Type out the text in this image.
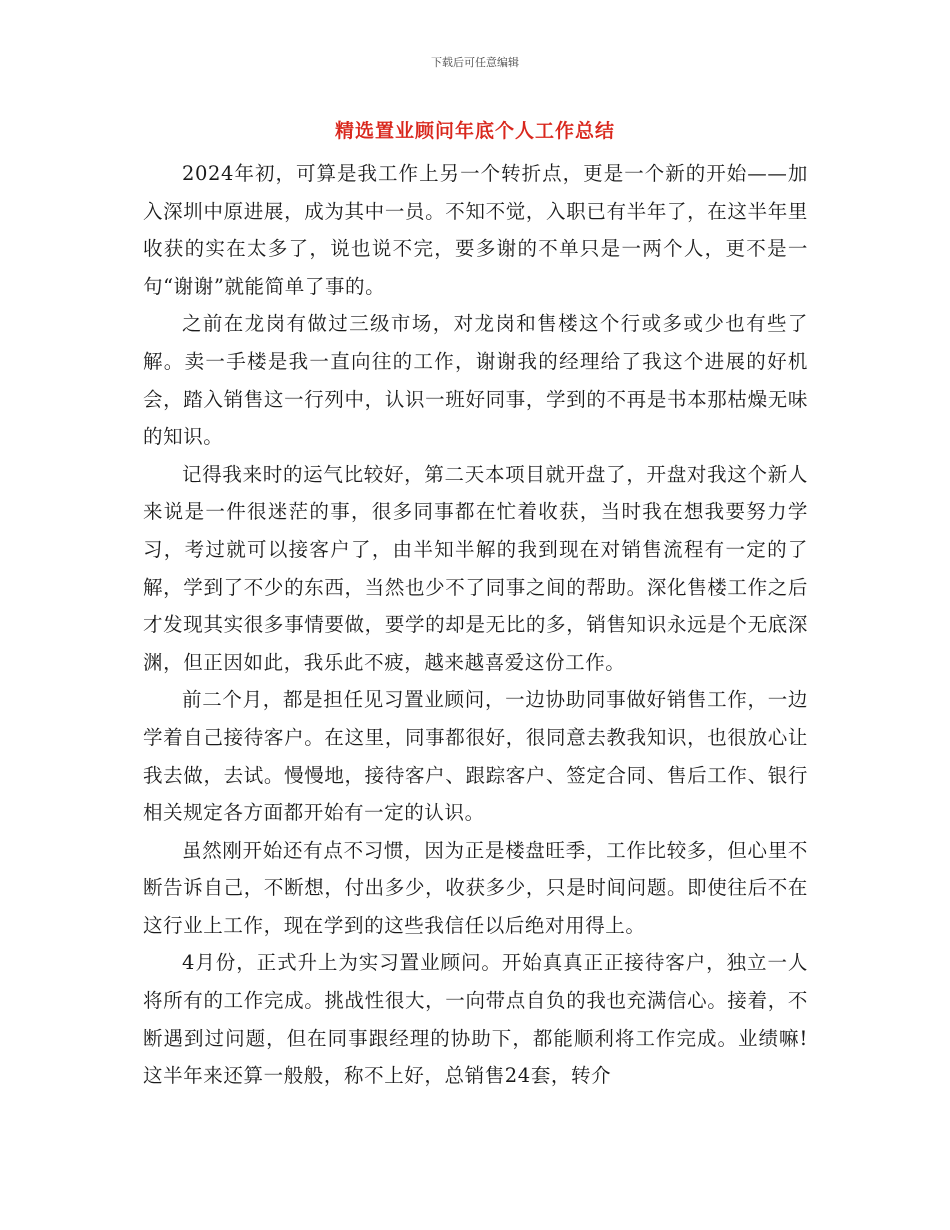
下载后可任意编辑
精选置业顾问年底个人工作总结

2024年初，可算是我工作上另一个转折点，更是一个新的开始——加入深圳中原进展，成为其中一员。不知不觉，入职已有半年了，在这半年里收获的实在太多了，说也说不完，要多谢的不单只是一两个人，更不是一句“谢谢”就能简单了事的。

之前在龙岗有做过三级市场，对龙岗和售楼这个行或多或少也有些了解。卖一手楼是我一直向往的工作，谢谢我的经理给了我这个进展的好机会，踏入销售这一行列中，认识一班好同事，学到的不再是书本那枯燥无味的知识。

记得我来时的运气比较好，第二天本项目就开盘了，开盘对我这个新人来说是一件很迷茫的事，很多同事都在忙着收获，当时我在想我要努力学习，考过就可以接客户了，由半知半解的我到现在对销售流程有一定的了解，学到了不少的东西，当然也少不了同事之间的帮助。深化售楼工作之后才发现其实很多事情要做，要学的却是无比的多，销售知识永远是个无底深渊，但正因如此，我乐此不疲，越来越喜爱这份工作。

前二个月，都是担任见习置业顾问，一边协助同事做好销售工作，一边学着自己接待客户。在这里，同事都很好，很同意去教我知识，也很放心让我去做，去试。慢慢地，接待客户、跟踪客户、签定合同、售后工作、银行相关规定各方面都开始有一定的认识。

虽然刚开始还有点不习惯，因为正是楼盘旺季，工作比较多，但心里不断告诉自己，不断想，付出多少，收获多少，只是时间问题。即使往后不在这行业上工作，现在学到的这些我信任以后绝对用得上。

4月份，正式升上为实习置业顾问。开始真真正正接待客户，独立一人将所有的工作完成。挑战性很大，一向带点自负的我也充满信心。接着，不断遇到过问题，但在同事跟经理的协助下，都能顺利将工作完成。业绩嘛!这半年来还算一般般，称不上好，总销售24套，转介
